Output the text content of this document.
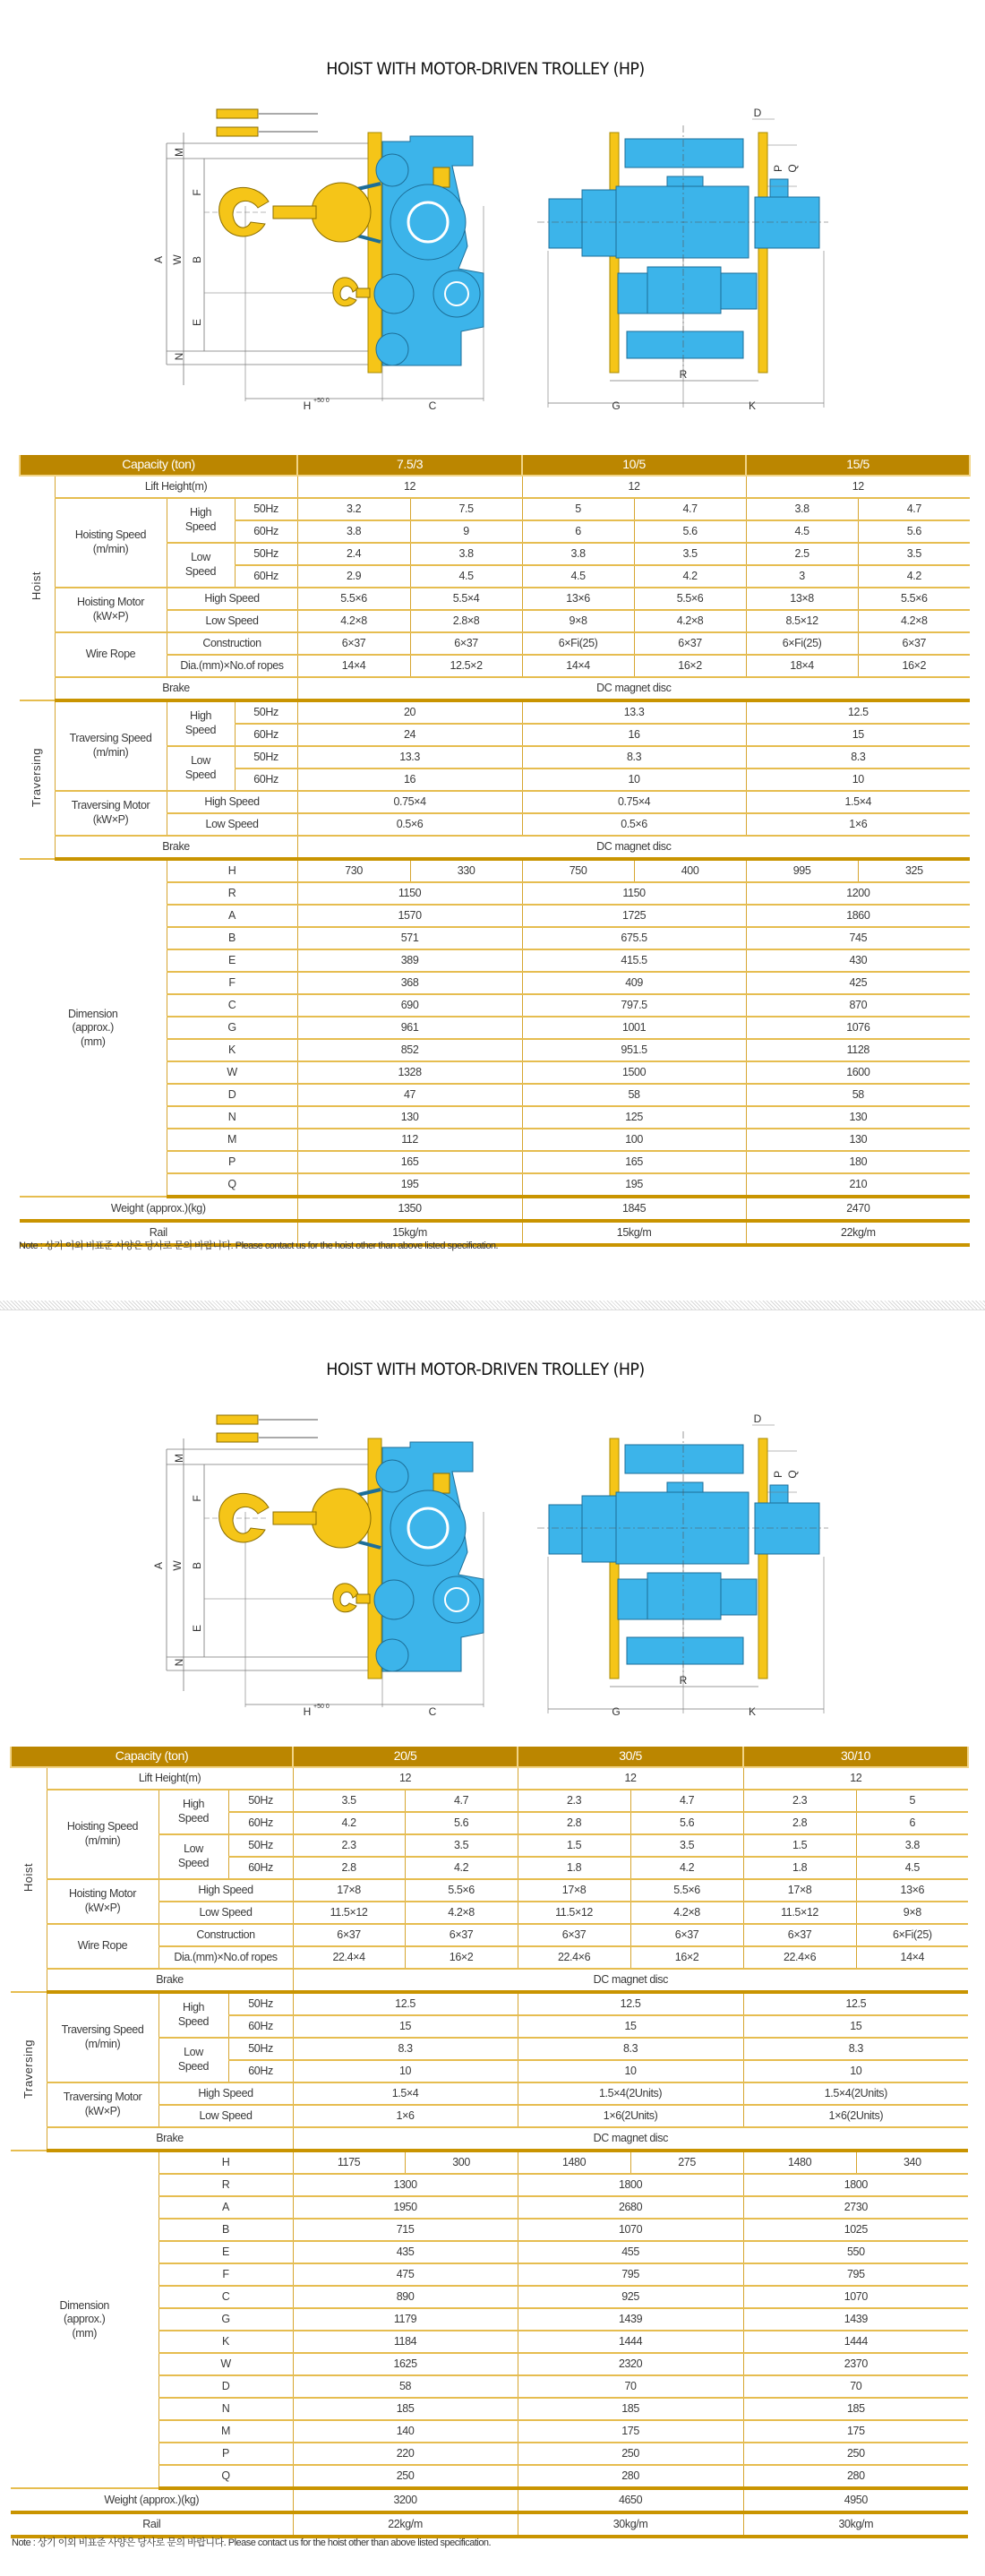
HOIST WITH MOTOR-DRIVEN TROLLEY (HP)
A W B
F
E
M
N
H	C	G	K
R
D
P Q
+50 0
Capacity (ton)				7.5/3		10/5		15/5	
Hoist	Lift Height(m)			12		12		12	
	Hoisting Speed
(m/min)	High
Speed	50Hz	3.2	7.5	5	4.7	3.8	4.7
			60Hz	3.8	9	6	5.6	4.5	5.6
		Low
Speed	50Hz	2.4	3.8	3.8	3.5	2.5	3.5
			60Hz	2.9	4.5	4.5	4.2	3	4.2
	Hoisting Motor
(kW×P)	High Speed		5.5×6	5.5×4	13×6	5.5×6	13×8	5.5×6
		Low Speed		4.2×8	2.8×8	9×8	4.2×8	8.5×12	4.2×8
	Wire Rope	Construction		6×37	6×37	6×Fi(25)	6×37	6×Fi(25)	6×37
		Dia.(mm)×No.of ropes		14×4	12.5×2	14×4	16×2	18×4	16×2
	Brake			DC magnet disc					
Traversing	Traversing Speed
(m/min)	High
Speed	50Hz	20		13.3		12.5	
			60Hz	24		16		15	
		Low
Speed	50Hz	13.3		8.3		8.3	
			60Hz	16		10		10	
	Traversing Motor
(kW×P)	High Speed		0.75×4		0.75×4		1.5×4	
		Low Speed		0.5×6		0.5×6		1×6	
	Brake			DC magnet disc					
Dimension
(approx.)
(mm)		H		730	330	750	400	995	325
		R		1150		1150		1200	
		A		1570		1725		1860	
		B		571		675.5		745	
		E		389		415.5		430	
		F		368		409		425	
		C		690		797.5		870	
		G		961		1001		1076	
		K		852		951.5		1128	
		W		1328		1500		1600	
		D		47		58		58	
		N		130		125		130	
		M		112		100		130	
		P		165		165		180	
		Q		195		195		210	
Weight (approx.)(kg)				1350		1845		2470	
Rail				15kg/m		15kg/m		22kg/m	
Note : 상기 이외 비표준 사양은 당사로 문의 바랍니다. Please contact us for the hoist other than above listed specification.
HOIST WITH MOTOR-DRIVEN TROLLEY (HP)
A W B
F
E
M
N
H	C	G	K
R
D
P Q
+50 0
Capacity (ton)				20/5		30/5		30/10	
Hoist	Lift Height(m)			12		12		12	
	Hoisting Speed
(m/min)	High
Speed	50Hz	3.5	4.7	2.3	4.7	2.3	5
			60Hz	4.2	5.6	2.8	5.6	2.8	6
		Low
Speed	50Hz	2.3	3.5	1.5	3.5	1.5	3.8
			60Hz	2.8	4.2	1.8	4.2	1.8	4.5
	Hoisting Motor
(kW×P)	High Speed		17×8	5.5×6	17×8	5.5×6	17×8	13×6
		Low Speed		11.5×12	4.2×8	11.5×12	4.2×8	11.5×12	9×8
	Wire Rope	Construction		6×37	6×37	6×37	6×37	6×37	6×Fi(25)
		Dia.(mm)×No.of ropes		22.4×4	16×2	22.4×6	16×2	22.4×6	14×4
	Brake			DC magnet disc					
Traversing	Traversing Speed
(m/min)	High
Speed	50Hz	12.5		12.5		12.5	
			60Hz	15		15		15	
		Low
Speed	50Hz	8.3		8.3		8.3	
			60Hz	10		10		10	
	Traversing Motor
(kW×P)	High Speed		1.5×4		1.5×4(2Units)		1.5×4(2Units)	
		Low Speed		1×6		1×6(2Units)		1×6(2Units)	
	Brake			DC magnet disc					
Dimension
(approx.)
(mm)		H		1175	300	1480	275	1480	340
		R		1300		1800		1800	
		A		1950		2680		2730	
		B		715		1070		1025	
		E		435		455		550	
		F		475		795		795	
		C		890		925		1070	
		G		1179		1439		1439	
		K		1184		1444		1444	
		W		1625		2320		2370	
		D		58		70		70	
		N		185		185		185	
		M		140		175		175	
		P		220		250		250	
		Q		250		280		280	
Weight (approx.)(kg)				3200		4650		4950	
Rail				22kg/m		30kg/m		30kg/m	
Note : 상기 이외 비표준 사양은 당사로 문의 바랍니다. Please contact us for the hoist other than above listed specification.
